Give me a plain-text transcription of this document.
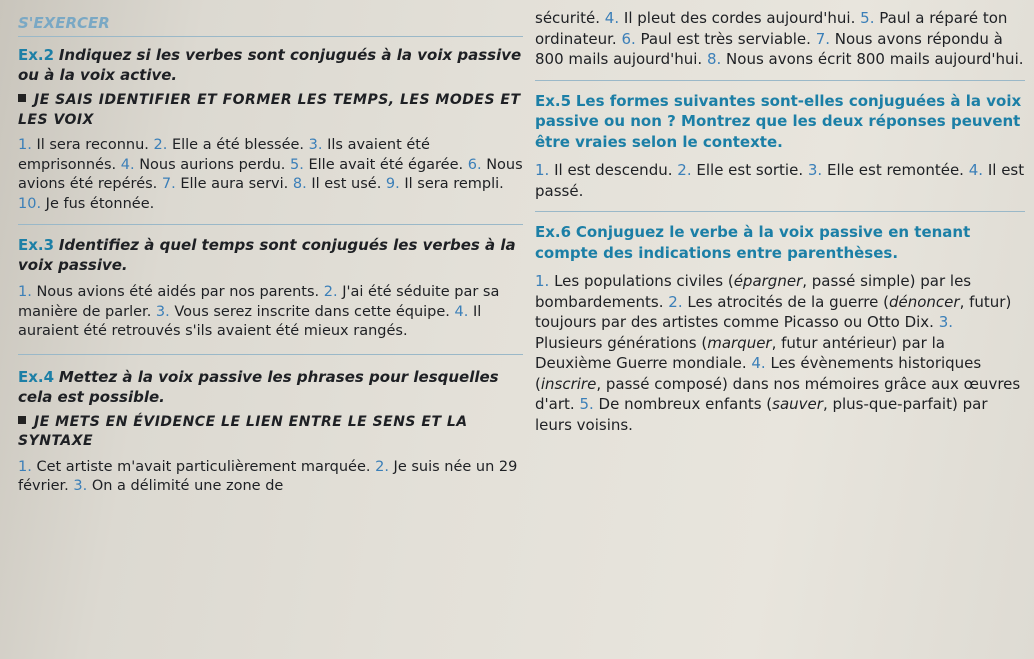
S'EXERCER

Ex.2 Indiquez si les verbes sont conjugués à la voix passive ou à la voix active.

JE SAIS IDENTIFIER ET FORMER LES TEMPS, LES MODES ET LES VOIX

1. Il sera reconnu. 2. Elle a été blessée. 3. Ils avaient été emprisonnés. 4. Nous aurions perdu. 5. Elle avait été égarée. 6. Nous avions été repérés. 7. Elle aura servi. 8. Il est usé. 9. Il sera rempli. 10. Je fus étonnée.

Ex.3 Identifiez à quel temps sont conjugués les verbes à la voix passive.

1. Nous avions été aidés par nos parents. 2. J'ai été séduite par sa manière de parler. 3. Vous serez inscrite dans cette équipe. 4. Il auraient été retrouvés s'ils avaient été mieux rangés.

Ex.4 Mettez à la voix passive les phrases pour lesquelles cela est possible.

JE METS EN ÉVIDENCE LE LIEN ENTRE LE SENS ET LA SYNTAXE

1. Cet artiste m'avait particulièrement marquée. 2. Je suis née un 29 février. 3. On a délimité une zone de

sécurité. 4. Il pleut des cordes aujourd'hui. 5. Paul a réparé ton ordinateur. 6. Paul est très serviable. 7. Nous avons répondu à 800 mails aujourd'hui. 8. Nous avons écrit 800 mails aujourd'hui.

Ex.5 Les formes suivantes sont-elles conjuguées à la voix passive ou non ? Montrez que les deux réponses peuvent être vraies selon le contexte.

1. Il est descendu. 2. Elle est sortie. 3. Elle est remontée. 4. Il est passé.

Ex.6 Conjuguez le verbe à la voix passive en tenant compte des indications entre parenthèses.

1. Les populations civiles (épargner, passé simple) par les bombardements. 2. Les atrocités de la guerre (dénoncer, futur) toujours par des artistes comme Picasso ou Otto Dix. 3. Plusieurs générations (marquer, futur antérieur) par la Deuxième Guerre mondiale. 4. Les évènements historiques (inscrire, passé composé) dans nos mémoires grâce aux œuvres d'art. 5. De nombreux enfants (sauver, plus-que-parfait) par leurs voisins.
